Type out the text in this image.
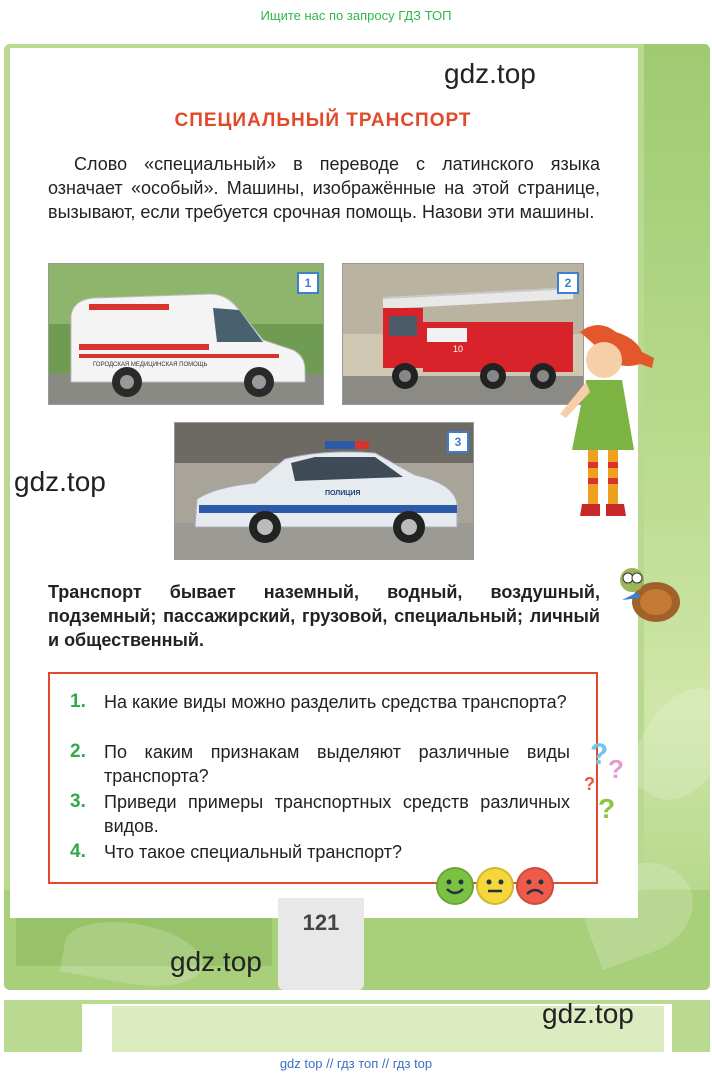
Ищите нас по запросу ГДЗ ТОП
gdz.top
СПЕЦИАЛЬНЫЙ ТРАНСПОРТ
Слово «специальный» в переводе с латинского языка означает «особый». Машины, изображённые на этой странице, вызывают, если требуется срочная помощь. Назови эти машины.
ГОРОДСКАЯ МЕДИЦИНСКАЯ ПОМОЩЬ
1
10
2
ПОЛИЦИЯ
3
gdz.top
Транспорт бывает наземный, водный, воздушный, подземный; пассажирский, грузовой, специальный; личный и общественный.
1. На какие виды можно разделить средства транспорта?
2. По каким признакам выделяют различные виды транспорта?
3. Приведи примеры транспортных средств различных видов.
4. Что такое специальный транспорт?
? ?
?
?
121
gdz.top
gdz.top
gdz top // гдз топ // гдз top
